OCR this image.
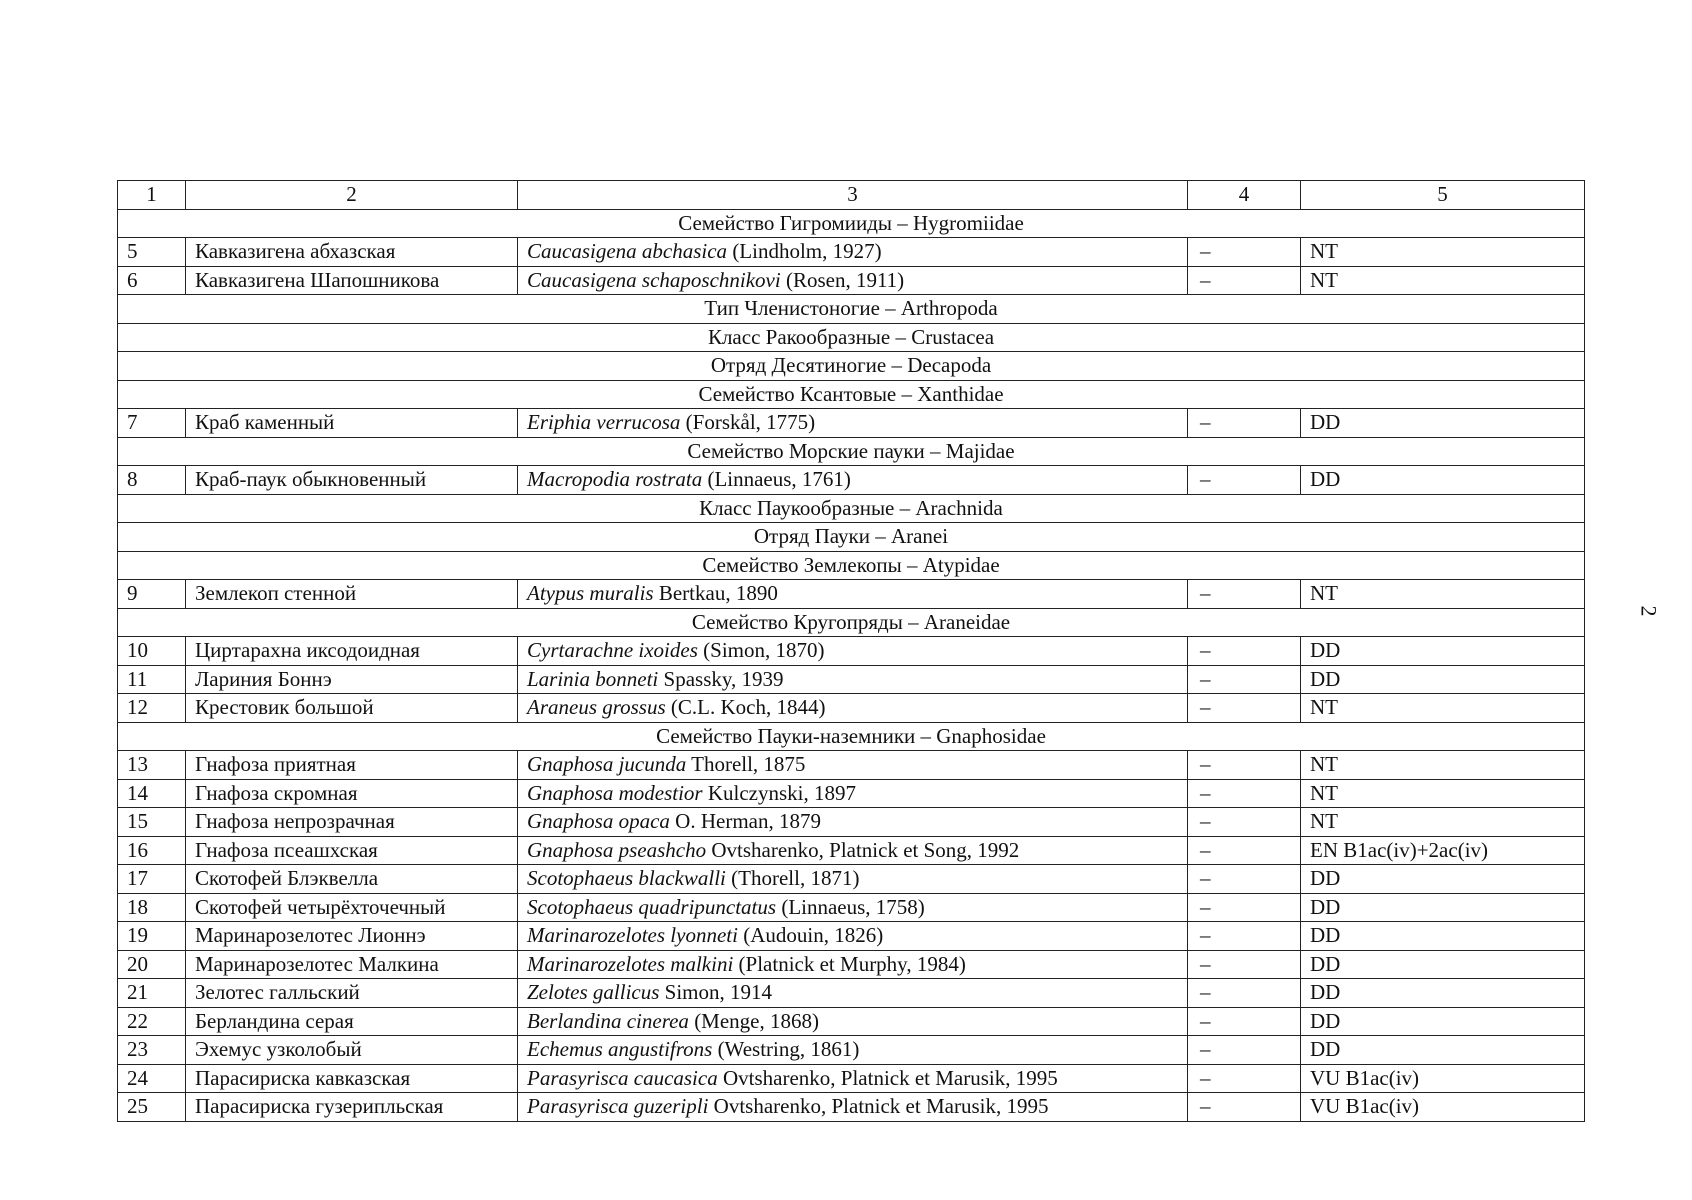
1	2	3	4	5
Семейство Гигромииды – Hygromiidae				
5	Кавказигена абхазская	Caucasigena abchasica (Lindholm, 1927)	–	NT
6	Кавказигена Шапошникова	Caucasigena schaposchnikovi (Rosen, 1911)	–	NT
Тип Членистоногие – Arthropoda				
Класс Ракообразные – Crustacea				
Отряд Десятиногие – Decapoda				
Семейство Ксантовые – Xanthidae				
7	Краб каменный	Eriphia verrucosa (Forskål, 1775)	–	DD
Семейство Морские пауки – Majidae				
8	Краб-паук обыкновенный	Macropodia rostrata (Linnaeus, 1761)	–	DD
Класс Паукообразные – Arachnida				
Отряд Пауки – Aranei				
Семейство Землекопы – Atypidae				
9	Землекоп стенной	Atypus muralis Bertkau, 1890	–	NT
Семейство Кругопряды – Araneidae				
10	Циртарахна иксодоидная	Cyrtarachne ixoides (Simon, 1870)	–	DD
11	Лариния Боннэ	Larinia bonneti Spassky, 1939	–	DD
12	Крестовик большой	Araneus grossus (C.L. Koch, 1844)	–	NT
Семейство Пауки-наземники – Gnaphosidae				
13	Гнафоза приятная	Gnaphosa jucunda Thorell, 1875	–	NT
14	Гнафоза скромная	Gnaphosa modestior Kulczynski, 1897	–	NT
15	Гнафоза непрозрачная	Gnaphosa opaca O. Herman, 1879	–	NT
16	Гнафоза псеашхская	Gnaphosa pseashcho Ovtsharenko, Platnick et Song, 1992	–	EN B1ac(iv)+2ac(iv)
17	Скотофей Блэквелла	Scotophaeus blackwalli (Thorell, 1871)	–	DD
18	Скотофей четырёхточечный	Scotophaeus quadripunctatus (Linnaeus, 1758)	–	DD
19	Маринарозелотес Лионнэ	Marinarozelotes lyonneti (Audouin, 1826)	–	DD
20	Маринарозелотес Малкина	Marinarozelotes malkini (Platnick et Murphy, 1984)	–	DD
21	Зелотес галльский	Zelotes gallicus Simon, 1914	–	DD
22	Берландина серая	Berlandina cinerea (Menge, 1868)	–	DD
23	Эхемус узколобый	Echemus angustifrons (Westring, 1861)	–	DD
24	Парасириска кавказская	Parasyrisca caucasica Ovtsharenko, Platnick et Marusik, 1995	–	VU B1ac(iv)
25	Парасириска гузерипльская	Parasyrisca guzeripli Ovtsharenko, Platnick et Marusik, 1995	–	VU B1ac(iv)
2
